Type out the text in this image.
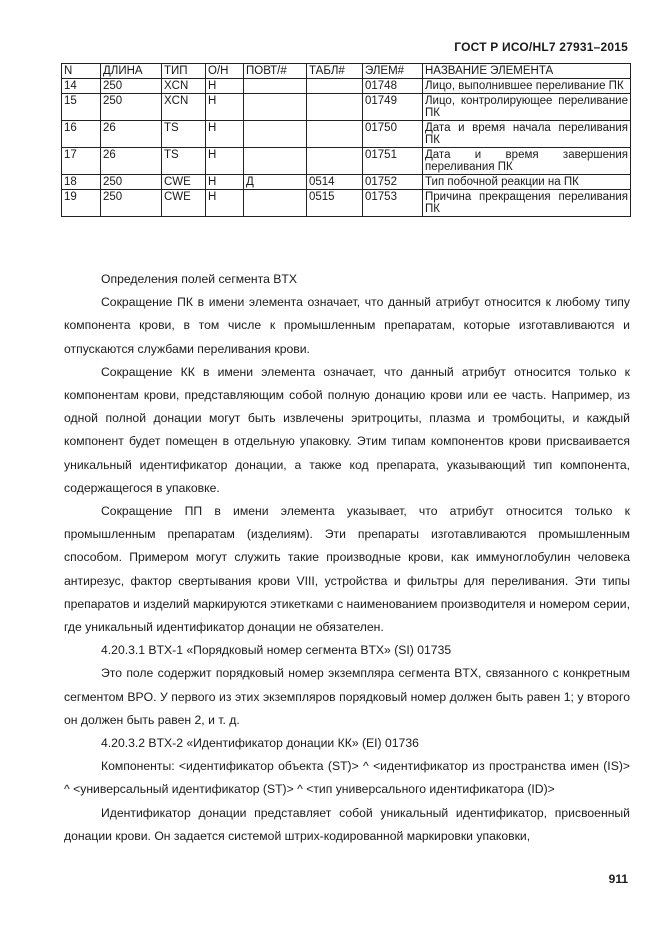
ГОСТ Р ИСО/HL7 27931–2015
N	ДЛИНА	ТИП	О/Н	ПОВТ/#	ТАБЛ#	ЭЛЕМ#	НАЗВАНИЕ ЭЛЕМЕНТА
14	250	XCN	Н			01748	Лицо, выполнившее переливание ПК
15	250	XCN	Н			01749	Лицо, контролирующее переливание ПК
16	26	TS	Н			01750	Дата и время начала переливания ПК
17	26	TS	Н			01751	Дата и время завершения переливания ПК
18	250	CWE	Н	Д	0514	01752	Тип побочной реакции на ПК
19	250	CWE	Н		0515	01753	Причина прекращения переливания ПК

Определения полей сегмента BTX

Сокращение ПК в имени элемента означает, что данный атрибут относится к любому типу компонента крови, в том числе к промышленным препаратам, которые изготавливаются и отпускаются службами переливания крови.

Сокращение КК в имени элемента означает, что данный атрибут относится только к компонентам крови, представляющим собой полную донацию крови или ее часть. Например, из одной полной донации могут быть извлечены эритроциты, плазма и тромбоциты, и каждый компонент будет помещен в отдельную упаковку. Этим типам компонентов крови присваивается уникальный идентификатор донации, а также код препарата, указывающий тип компонента, содержащегося в упаковке.

Сокращение ПП в имени элемента указывает, что атрибут относится только к промышленным препаратам (изделиям). Эти препараты изготавливаются промышленным способом. Примером могут служить такие производные крови, как иммуноглобулин человека антирезус, фактор свертывания крови VIII, устройства и фильтры для переливания. Эти типы препаратов и изделий маркируются этикетками с наименованием производителя и номером серии, где уникальный идентификатор донации не обязателен.

4.20.3.1 BTX-1 «Порядковый номер сегмента BTX» (SI) 01735

Это поле содержит порядковый номер экземпляра сегмента BTX, связанного с конкретным сегментом BPO. У первого из этих экземпляров порядковый номер должен быть равен 1; у второго он должен быть равен 2, и т. д.

4.20.3.2 BTX-2 «Идентификатор донации КК» (EI) 01736

Компоненты: <идентификатор объекта (ST)> ^ <идентификатор из пространства имен (IS)> ^ <универсальный идентификатор (ST)> ^ <тип универсального идентификатора (ID)>

Идентификатор донации представляет собой уникальный идентификатор, присвоенный донации крови. Он задается системой штрих-кодированной маркировки упаковки,

911
